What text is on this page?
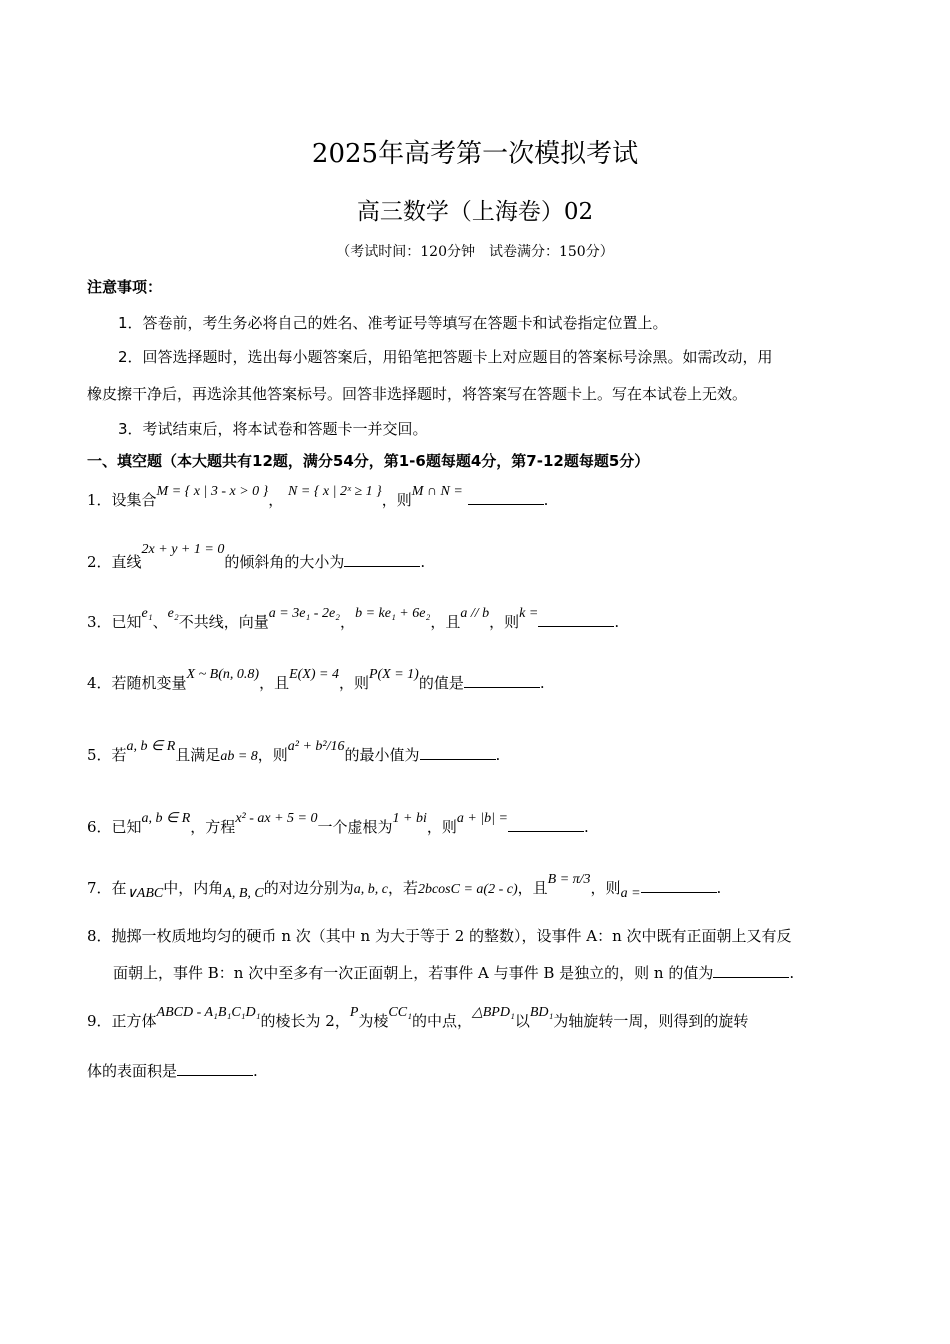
2025年高考第一次模拟考试
高三数学（上海卷）02
（考试时间：120分钟　试卷满分：150分）
注意事项：
1．答卷前，考生务必将自己的姓名、准考证号等填写在答题卡和试卷指定位置上。
2．回答选择题时，选出每小题答案后，用铅笔把答题卡上对应题目的答案标号涂黑。如需改动，用
橡皮擦干净后，再选涂其他答案标号。回答非选择题时，将答案写在答题卡上。写在本试卷上无效。
3．考试结束后，将本试卷和答题卡一并交回。
一、填空题（本大题共有12题，满分54分，第1-6题每题4分，第7-12题每题5分）
1．设集合M = { x | 3 - x > 0 }， N = { x | 2ˣ ≥ 1 }，则M ∩ N =	.
2．直线2x + y + 1 = 0的倾斜角的大小为	.
3．已知e₁、e₂不共线，向量a = 3e₁ - 2e₂，b = ke₁ + 6e₂，且a // b，则k =	.
4．若随机变量X ~ B(n, 0.8)，且E(X) = 4，则P(X = 1)的值是	.
5．若a, b ∈ R且满足ab = 8，则a² + b²/16的最小值为	.
6．已知a, b ∈ R，方程x² - ax + 5 = 0一个虚根为1 + bi，则a + |b| =	.
7．在∨ABC中，内角A, B, C的对边分别为a, b, c，若2bcosC = a(2 - c)，且B = π/3，则a =	.
8．抛掷一枚质地均匀的硬币 n 次（其中 n 为大于等于 2 的整数），设事件 A：n 次中既有正面朝上又有反
面朝上，事件 B：n 次中至多有一次正面朝上，若事件 A 与事件 B 是独立的，则 n 的值为	.
9．正方体ABCD - A₁B₁C₁D₁的棱长为 2，P为棱CC₁的中点，△BPD₁以BD₁为轴旋转一周，则得到的旋转
体的表面积是	.
